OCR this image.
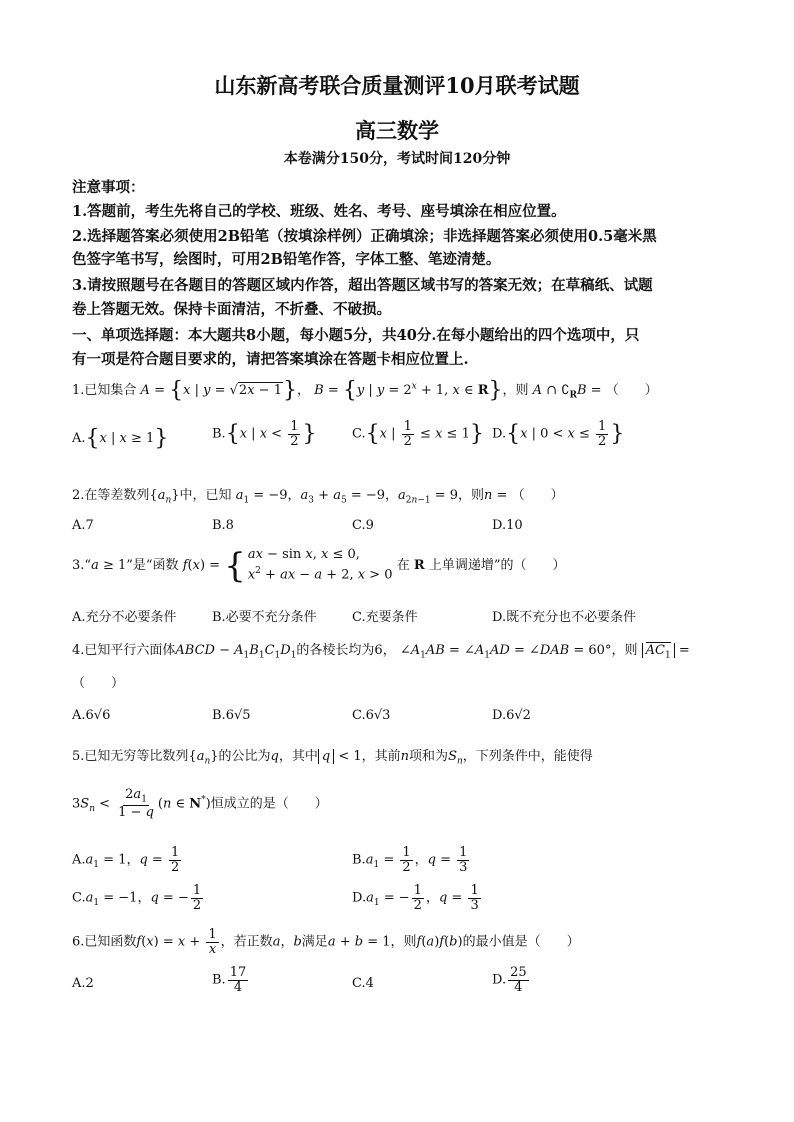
山东新高考联合质量测评10月联考试题
高三数学
本卷满分150分，考试时间120分钟
注意事项：
1.答题前，考生先将自己的学校、班级、姓名、考号、座号填涂在相应位置。
2.选择题答案必须使用2B铅笔（按填涂样例）正确填涂；非选择题答案必须使用0.5毫米黑
色签字笔书写，绘图时，可用2B铅笔作答，字体工整、笔迹清楚。
3.请按照题号在各题目的答题区域内作答，超出答题区域书写的答案无效；在草稿纸、试题
卷上答题无效。保持卡面清洁，不折叠、不破损。
一、单项选择题：本大题共8小题，每小题5分，共40分.在每小题给出的四个选项中，只
有一项是符合题目要求的，请把答案填涂在答题卡相应位置上.
1.已知集合 A = {x | y = √2x − 1}， B = {y | $y = 2^x + 1$, x ∈ R}，则 A ∩ $∁_RB$ = （　　）
A.{x | x ≥ 1}	B.{x | $x < \frac{1}{2}$ }	C.{x | $\frac{1}{2} \le x \le 1$} D.{x | $0 < x \le \frac{1}{2}$ }
2.在等差数列$\{a_n\}$中，已知 $a_1 = -9$，$a_3 + a_5 = -9$，$a_{2n-1} = 9$，则n = （　　）
A.7	B.8	C.9	D.10
3.“a ≥ 1”是“函数 f(x) = { ax − sin x, x ≤ 0,
$x^2$ + ax − a + 2, x > 0
在 R 上单调递增”的（　　）
A.充分不必要条件	B.必要不充分条件	C.充要条件	D.既不充分也不必要条件
4.已知平行六面体ABCD − $A_1B_1C_1D_1$的各棱长均为6， $\angle A_1AB$ = $\angle A_1AD$ = ∠DAB = 60°，则 $AC_1$ =
（　　）
A.6√6	B.6√5	C.6√3	D.6√2
5.已知无穷等比数列$\{a_n\}$的公比为q，其中 q < 1，其前n项和为$S_n$，下列条件中，能使得
$3S_n < \frac{2a_1}{1 - q} (n$ ∈ N*)恒成立的是（　　）
$A.a_1 = 1$，$q = \frac{1}{2}$	$B.a_1 = \frac{1}{2}$ ，$q = \frac{1}{3}$
$C.a_1 = -1$，q = − $\frac{1}{2}$	$D.a_1$ = − $\frac{1}{2}$ ，$q = \frac{1}{3}$
6.已知函数$f(x) = x + \frac{1}{x}$ ，若正数a，b满足a + b = 1，则f(a)f(b)的最小值是（　　）
A.2	B. $\frac{17}{4}$	C.4	D. $\frac{25}{4}$
